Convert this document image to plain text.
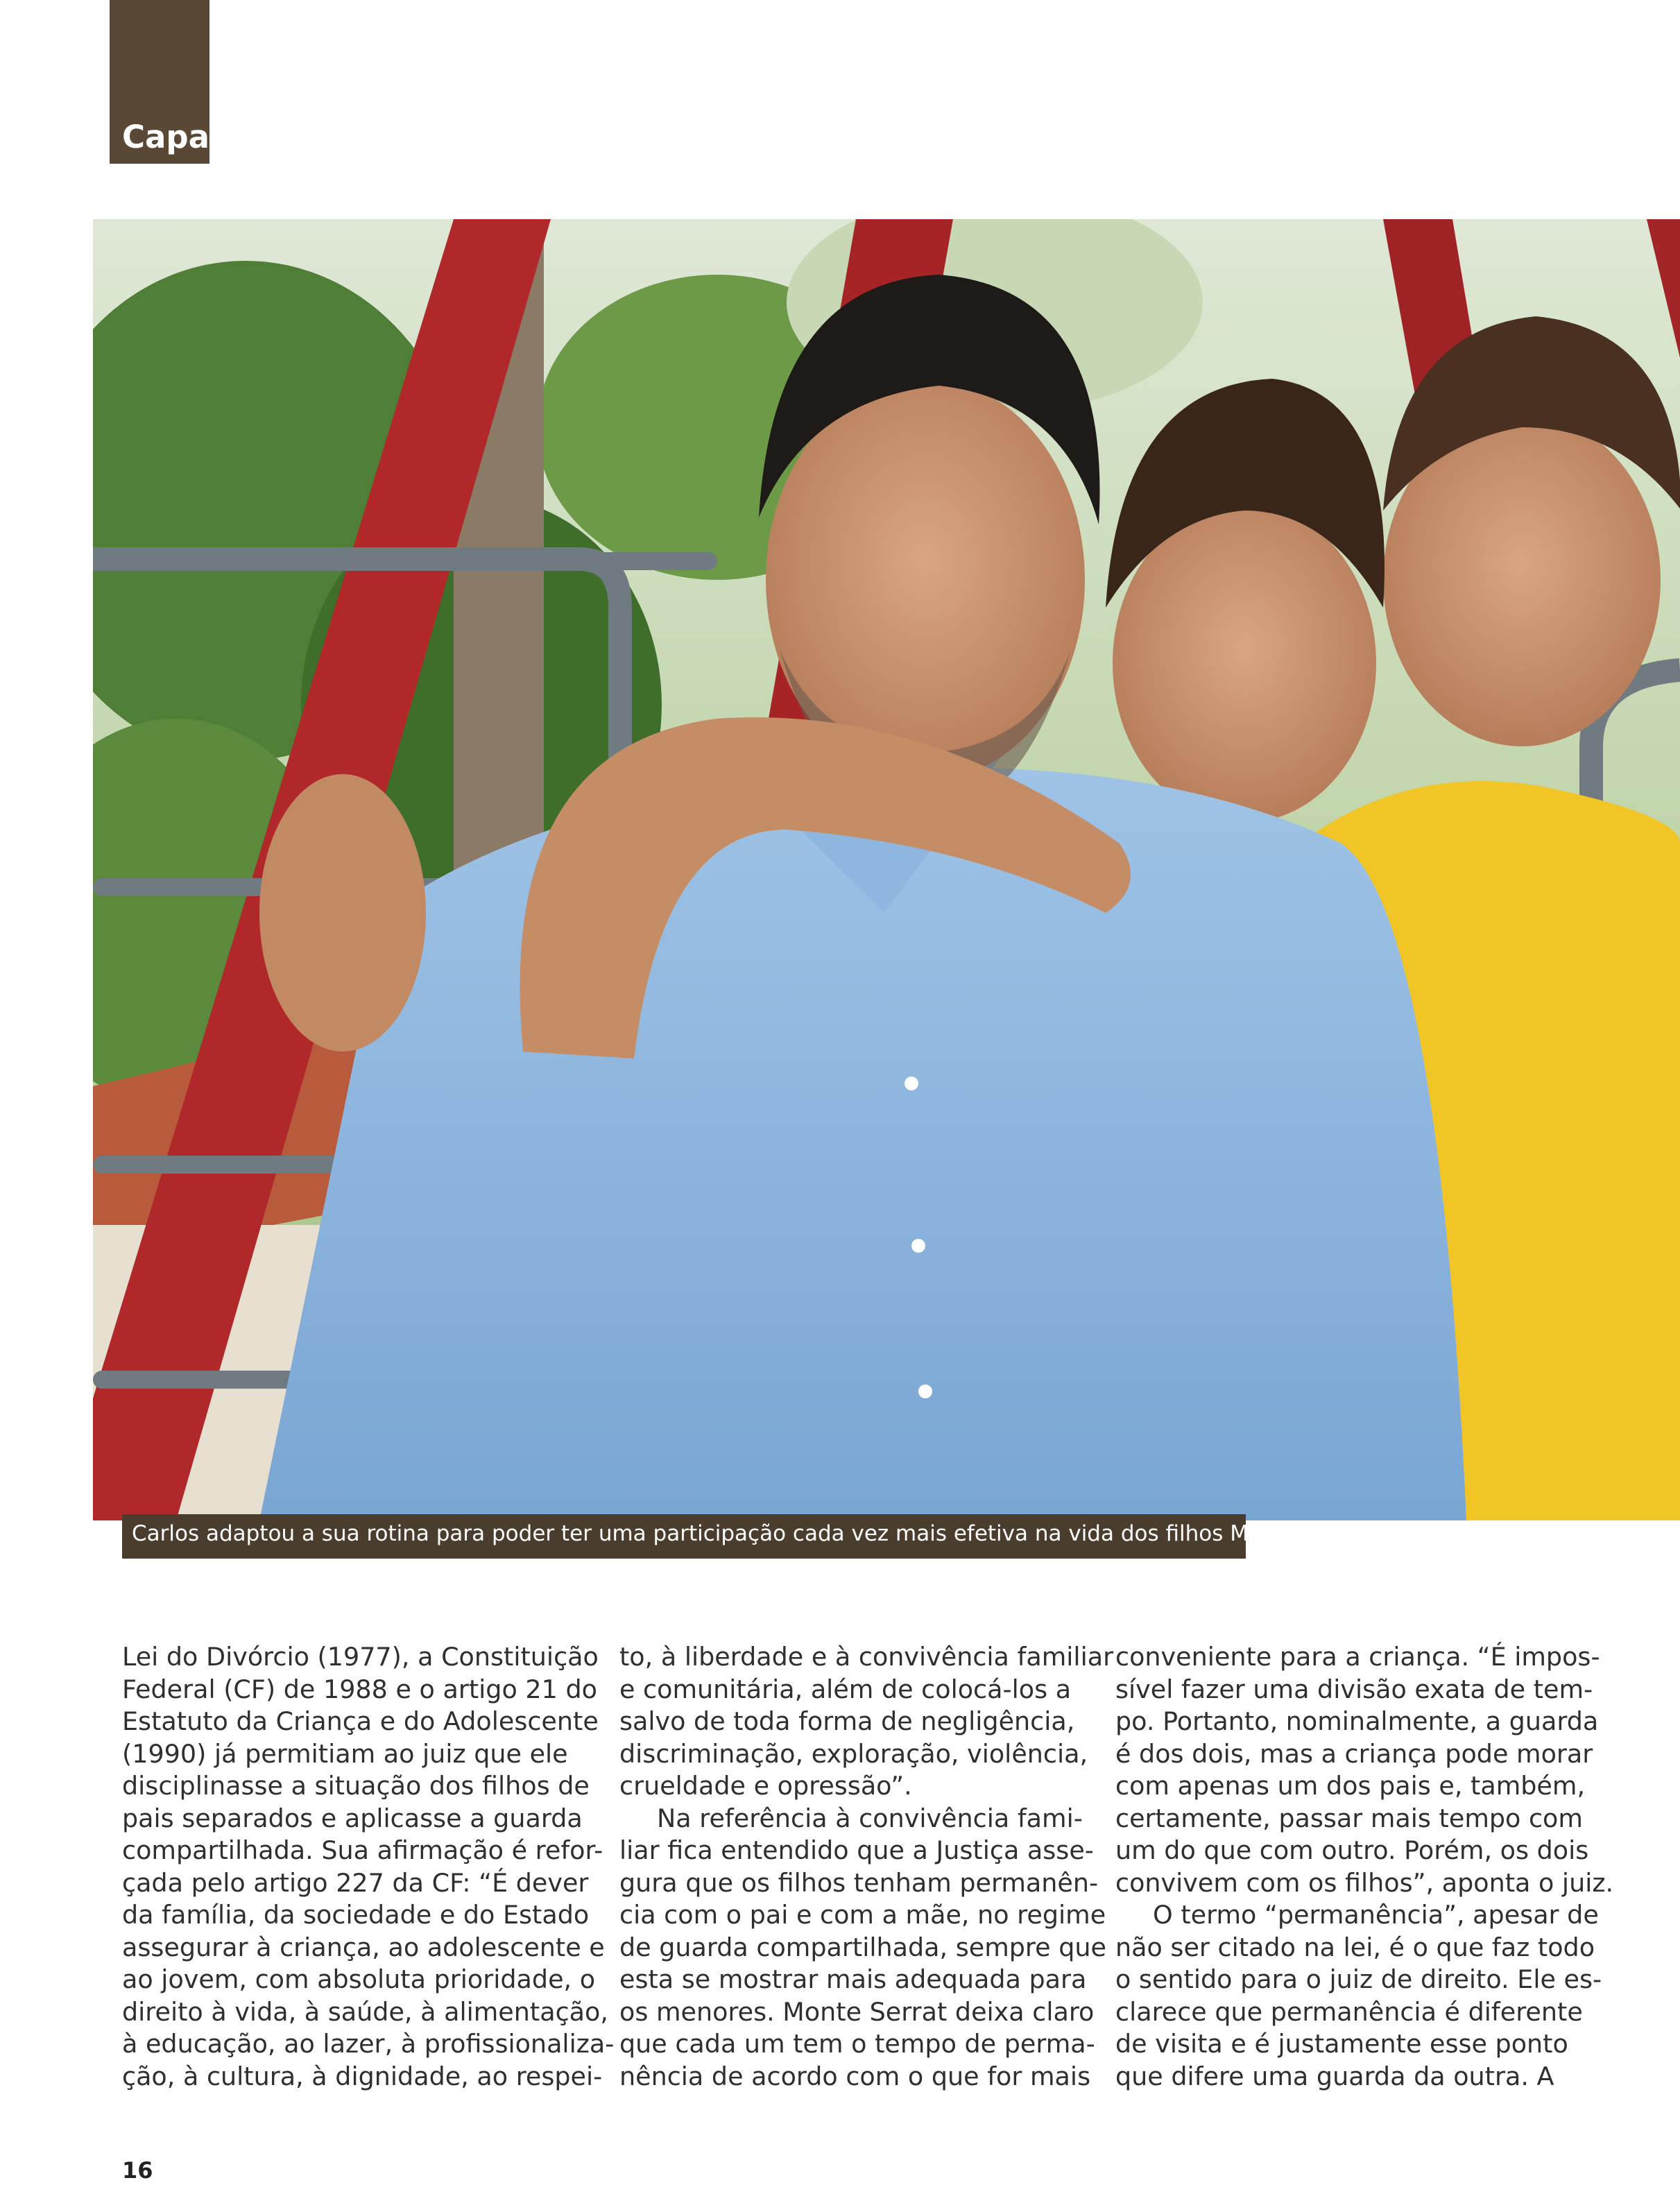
Capa
Carlos adaptou a sua rotina para poder ter uma participação cada vez mais efetiva na vida dos filhos Miguel e Pedro
Lei do Divórcio (1977), a Constituição
Federal (CF) de 1988 e o artigo 21 do
Estatuto da Criança e do Adolescente
(1990) já permitiam ao juiz que ele
disciplinasse a situação dos filhos de
pais separados e aplicasse a guarda
compartilhada. Sua afirmação é refor-
çada pelo artigo 227 da CF: “É dever
da família, da sociedade e do Estado
assegurar à criança, ao adolescente e
ao jovem, com absoluta prioridade, o
direito à vida, à saúde, à alimentação,
à educação, ao lazer, à profissionaliza-
ção, à cultura, à dignidade, ao respei-
to, à liberdade e à convivência familiar
e comunitária, além de colocá-los a
salvo de toda forma de negligência,
discriminação, exploração, violência,
crueldade e opressão”.
Na referência à convivência fami-
liar fica entendido que a Justiça asse-
gura que os filhos tenham permanên-
cia com o pai e com a mãe, no regime
de guarda compartilhada, sempre que
esta se mostrar mais adequada para
os menores. Monte Serrat deixa claro
que cada um tem o tempo de perma-
nência de acordo com o que for mais
conveniente para a criança. “É impos-
sível fazer uma divisão exata de tem-
po. Portanto, nominalmente, a guarda
é dos dois, mas a criança pode morar
com apenas um dos pais e, também,
certamente, passar mais tempo com
um do que com outro. Porém, os dois
convivem com os filhos”, aponta o juiz.
O termo “permanência”, apesar de
não ser citado na lei, é o que faz todo
o sentido para o juiz de direito. Ele es-
clarece que permanência é diferente
de visita e é justamente esse ponto
que difere uma guarda da outra. A
16
